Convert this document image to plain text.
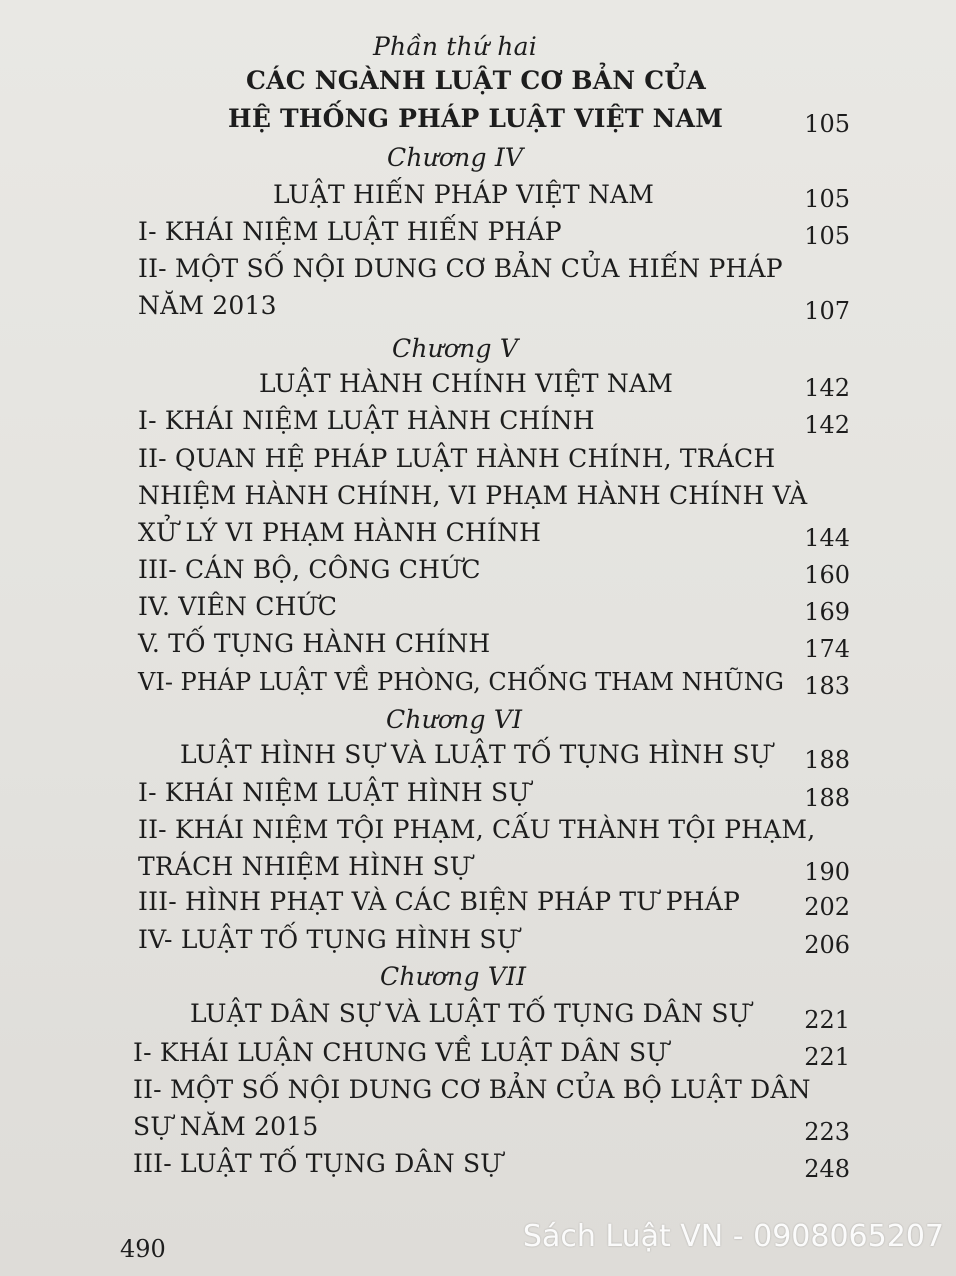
Phần thứ hai
CÁC NGÀNH LUẬT CƠ BẢN CỦA
HỆ THỐNG PHÁP LUẬT VIỆT NAM	105
Chương IV
LUẬT HIẾN PHÁP VIỆT NAM	105
I- KHÁI NIỆM LUẬT HIẾN PHÁP	105
II- MỘT SỐ NỘI DUNG CƠ BẢN CỦA HIẾN PHÁP
NĂM 2013	107
Chương V
LUẬT HÀNH CHÍNH VIỆT NAM	142
I- KHÁI NIỆM LUẬT HÀNH CHÍNH	142
II- QUAN HỆ PHÁP LUẬT HÀNH CHÍNH, TRÁCH
NHIỆM HÀNH CHÍNH, VI PHẠM HÀNH CHÍNH VÀ
XỬ LÝ VI PHẠM HÀNH CHÍNH	144
III- CÁN BỘ, CÔNG CHỨC	160
IV. VIÊN CHỨC	169
V. TỐ TỤNG HÀNH CHÍNH	174
VI- PHÁP LUẬT VỀ PHÒNG, CHỐNG THAM NHŨNG 183
Chương VI
LUẬT HÌNH SỰ VÀ LUẬT TỐ TỤNG HÌNH SỰ	188
I- KHÁI NIỆM LUẬT HÌNH SỰ	188
II- KHÁI NIỆM TỘI PHẠM, CẤU THÀNH TỘI PHẠM,
TRÁCH NHIỆM HÌNH SỰ	190
III- HÌNH PHẠT VÀ CÁC BIỆN PHÁP TƯ PHÁP	202
IV- LUẬT TỐ TỤNG HÌNH SỰ	206
Chương VII
LUẬT DÂN SỰ VÀ LUẬT TỐ TỤNG DÂN SỰ	221
I- KHÁI LUẬN CHUNG VỀ LUẬT DÂN SỰ	221
II- MỘT SỐ NỘI DUNG CƠ BẢN CỦA BỘ LUẬT DÂN
SỰ NĂM 2015	223
III- LUẬT TỐ TỤNG DÂN SỰ	248
490	Sách Luật VN - 0908065207
